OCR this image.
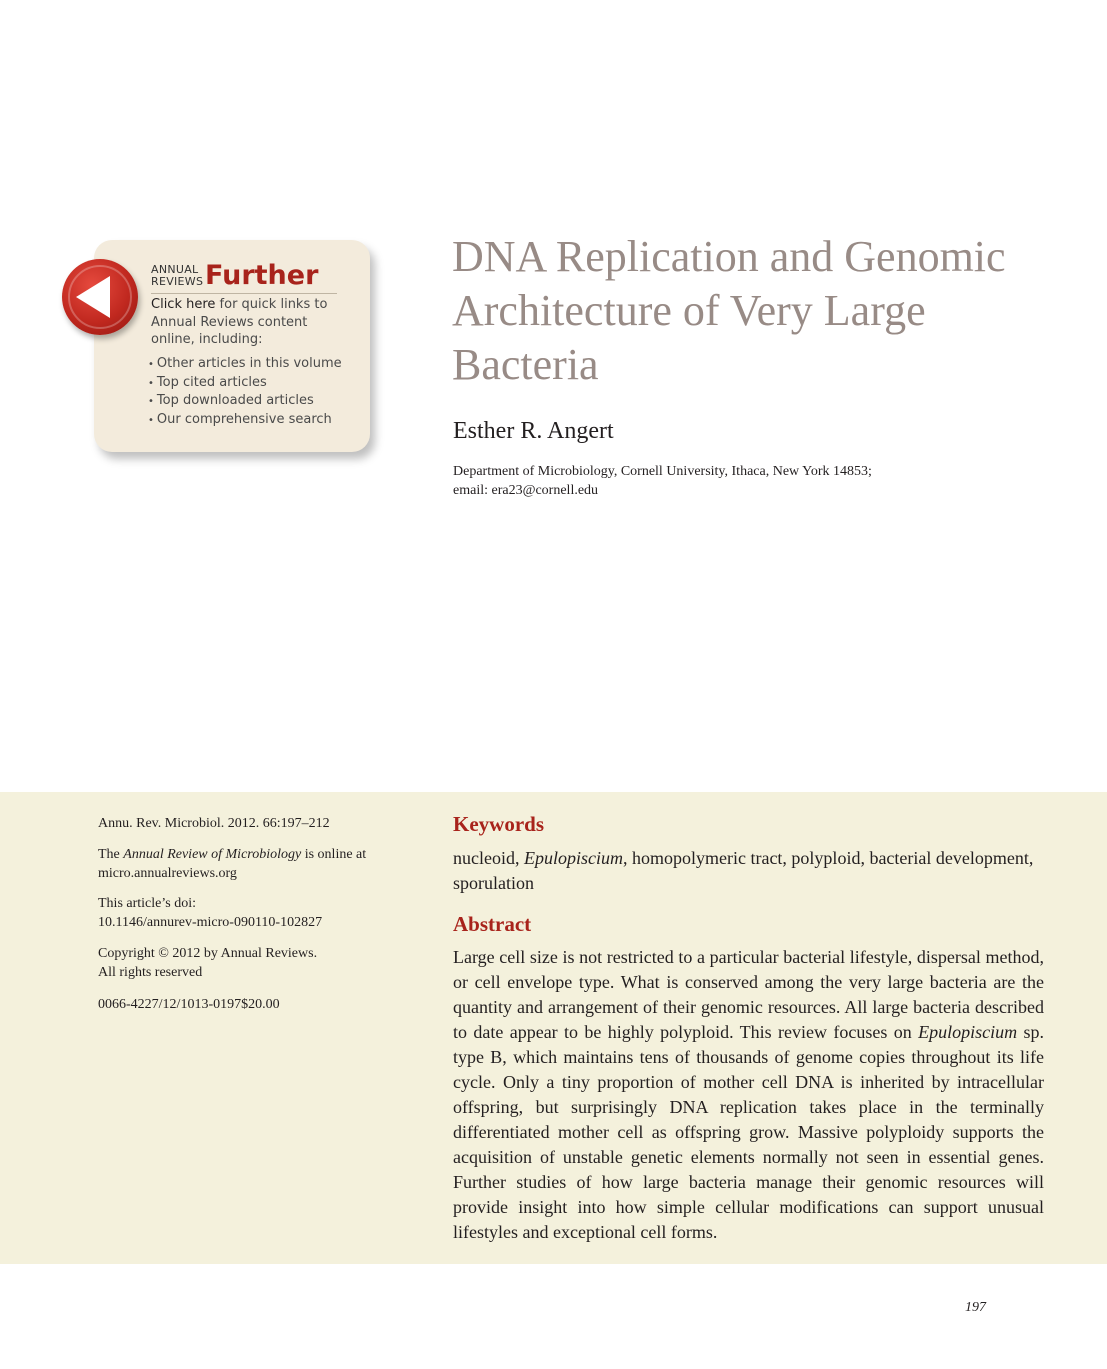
ANNUAL
REVIEWS Further
Click here for quick links to Annual Reviews content online, including:
• Other articles in this volume
• Top cited articles
• Top downloaded articles
• Our comprehensive search
DNA Replication and Genomic Architecture of Very Large Bacteria
Esther R. Angert
Department of Microbiology, Cornell University, Ithaca, New York 14853;
email: era23@cornell.edu
Annu. Rev. Microbiol. 2012. 66:197–212
The Annual Review of Microbiology is online at
micro.annualreviews.org
This article’s doi:
10.1146/annurev-micro-090110-102827
Copyright © 2012 by Annual Reviews.
All rights reserved
0066-4227/12/1013-0197$20.00
Keywords
nucleoid, Epulopiscium, homopolymeric tract, polyploid, bacterial development, sporulation
Abstract

Large cell size is not restricted to a particular bacterial lifestyle, dispersal method, or cell envelope type. What is conserved among the very large bacteria are the quantity and arrangement of their genomic resources. All large bacteria described to date appear to be highly polyploid. This review focuses on Epulopiscium sp. type B, which maintains tens of thousands of genome copies throughout its life cycle. Only a tiny proportion of mother cell DNA is inherited by intracellular offspring, but surprisingly DNA replication takes place in the terminally differentiated mother cell as offspring grow. Massive polyploidy supports the acquisition of unstable genetic elements normally not seen in essential genes. Further studies of how large bacteria manage their genomic resources will provide insight into how simple cellular modifications can support unusual lifestyles and exceptional cell forms.

197
